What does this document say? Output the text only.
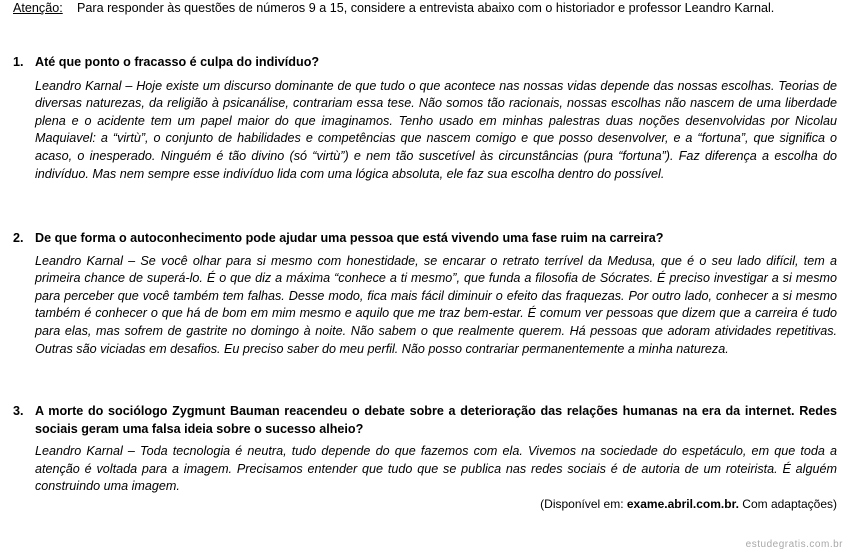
Atenção: Para responder às questões de números 9 a 15, considere a entrevista abaixo com o historiador e professor Leandro Karnal.
1. Até que ponto o fracasso é culpa do indivíduo?
Leandro Karnal – Hoje existe um discurso dominante de que tudo o que acontece nas nossas vidas depende das nossas escolhas. Teorias de diversas naturezas, da religião à psicanálise, contrariam essa tese. Não somos tão racionais, nossas escolhas não nascem de uma liberdade plena e o acidente tem um papel maior do que imaginamos. Tenho usado em minhas palestras duas noções desenvolvidas por Nicolau Maquiavel: a “virtù”, o conjunto de habilidades e competências que nascem comigo e que posso desenvolver, e a “fortuna”, que significa o acaso, o inesperado. Ninguém é tão divino (só “virtù”) e nem tão suscetível às circunstâncias (pura “fortuna”). Faz diferença a escolha do indivíduo. Mas nem sempre esse indivíduo lida com uma lógica absoluta, ele faz sua escolha dentro do possível.
2. De que forma o autoconhecimento pode ajudar uma pessoa que está vivendo uma fase ruim na carreira?
Leandro Karnal – Se você olhar para si mesmo com honestidade, se encarar o retrato terrível da Medusa, que é o seu lado difícil, tem a primeira chance de superá-lo. É o que diz a máxima “conhece a ti mesmo”, que funda a filosofia de Sócrates. É preciso investigar a si mesmo para perceber que você também tem falhas. Desse modo, fica mais fácil diminuir o efeito das fraquezas. Por outro lado, conhecer a si mesmo também é conhecer o que há de bom em mim mesmo e aquilo que me traz bem-estar. É comum ver pessoas que dizem que a carreira é tudo para elas, mas sofrem de gastrite no domingo à noite. Não sabem o que realmente querem. Há pessoas que adoram atividades repetitivas. Outras são viciadas em desafios. Eu preciso saber do meu perfil. Não posso contrariar permanentemente a minha natureza.
3. A morte do sociólogo Zygmunt Bauman reacendeu o debate sobre a deterioração das relações humanas na era da internet. Redes sociais geram uma falsa ideia sobre o sucesso alheio?
Leandro Karnal – Toda tecnologia é neutra, tudo depende do que fazemos com ela. Vivemos na sociedade do espetáculo, em que toda a atenção é voltada para a imagem. Precisamos entender que tudo que se publica nas redes sociais é de autoria de um roteirista. É alguém construindo uma imagem.
(Disponível em: exame.abril.com.br. Com adaptações)
estudegratis.com.br
